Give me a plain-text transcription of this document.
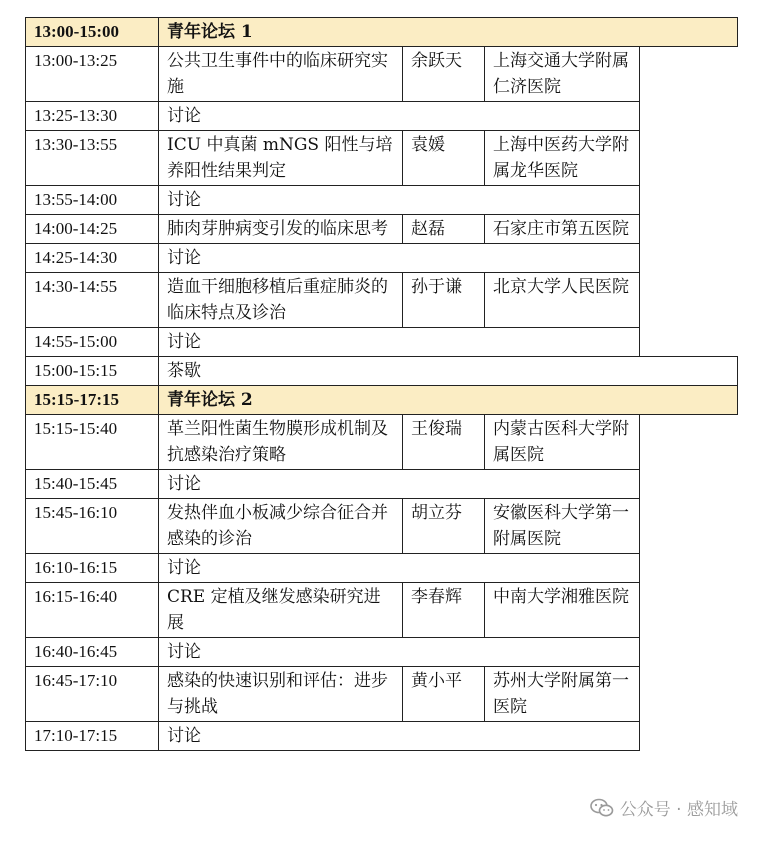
13:00-15:00	青年论坛 1			
13:00-13:25	公共卫生事件中的临床研究实施	余跃天	上海交通大学附属仁济医院	
13:25-13:30	讨论			
13:30-13:55	ICU 中真菌 mNGS 阳性与培养阳性结果判定	袁媛	上海中医药大学附属龙华医院	
13:55-14:00	讨论			
14:00-14:25	肺肉芽肿病变引发的临床思考	赵磊	石家庄市第五医院	
14:25-14:30	讨论			
14:30-14:55	造血干细胞移植后重症肺炎的临床特点及诊治	孙于谦	北京大学人民医院	
14:55-15:00	讨论			
15:00-15:15	茶歇			
15:15-17:15	青年论坛 2			
15:15-15:40	革兰阳性菌生物膜形成机制及抗感染治疗策略	王俊瑞	内蒙古医科大学附属医院	
15:40-15:45	讨论			
15:45-16:10	发热伴血小板减少综合征合并感染的诊治	胡立芬	安徽医科大学第一附属医院	
16:10-16:15	讨论			
16:15-16:40	CRE 定植及继发感染研究进展	李春辉	中南大学湘雅医院	
16:40-16:45	讨论			
16:45-17:10	感染的快速识别和评估：进步与挑战	黄小平	苏州大学附属第一医院	
17:10-17:15	讨论			
公众号 · 感知域
